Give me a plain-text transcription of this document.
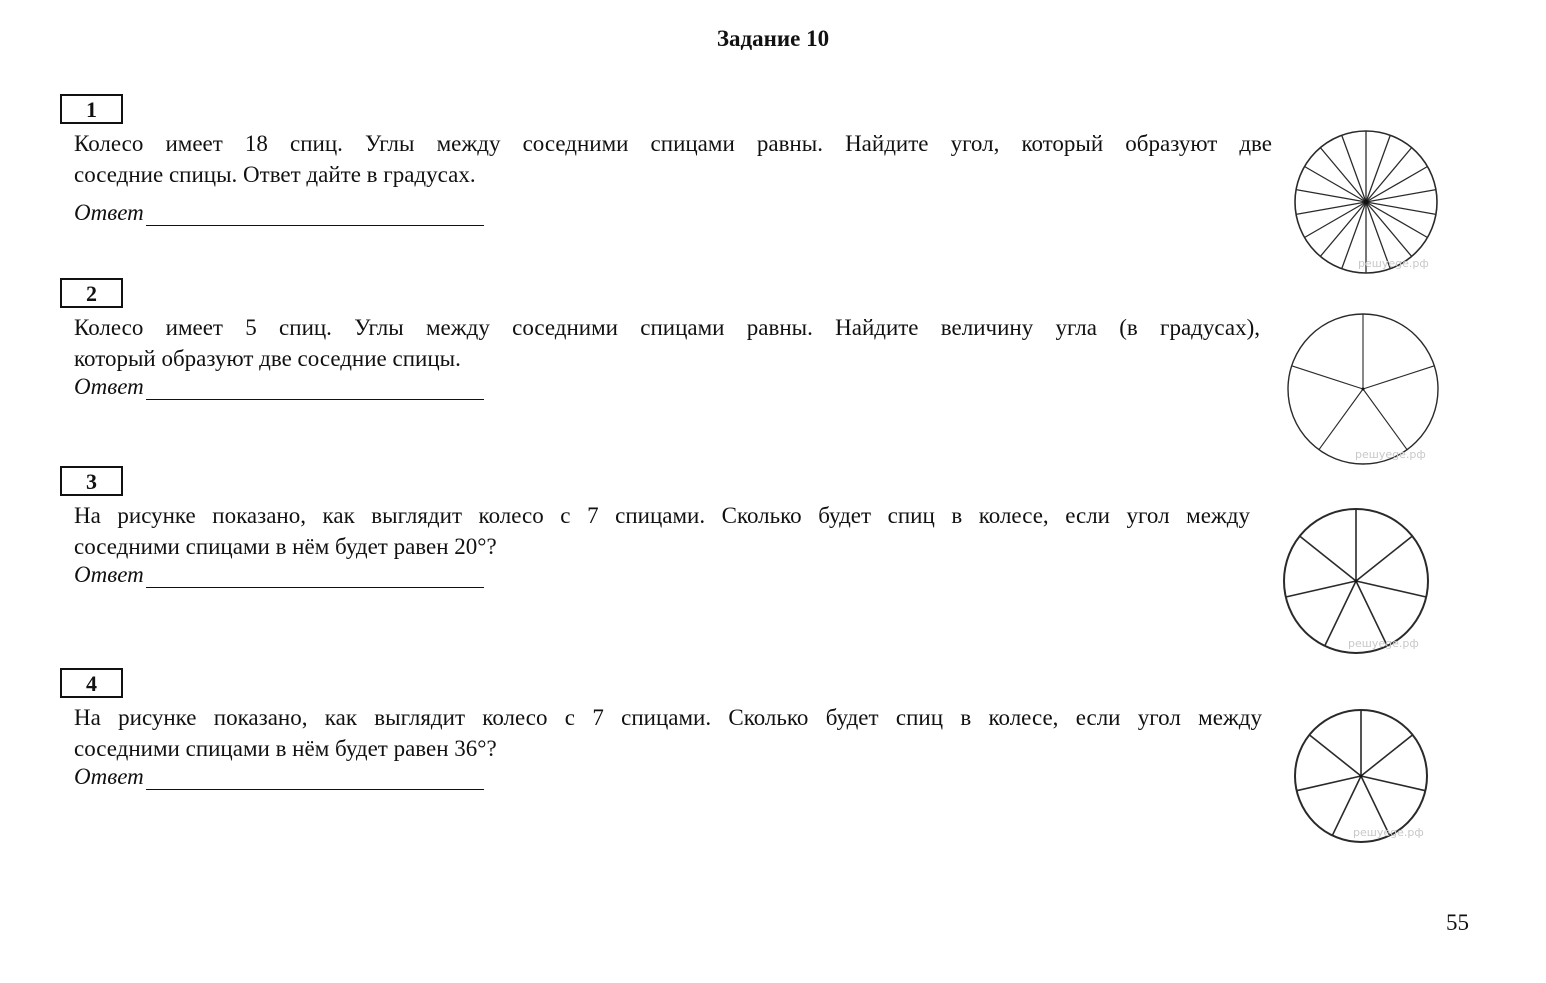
Задание 10
1
Колесо имеет 18 спиц. Углы между соседними спицами равны. Найдите угол, который образуют две
соседние спицы. Ответ дайте в градусах.
Ответ
2
Колесо имеет 5 спиц. Углы между соседними спицами равны. Найдите величину угла (в градусах),
который образуют две соседние спицы.
Ответ
3
На рисунке показано, как выглядит колесо с 7 спицами. Сколько будет спиц в колесе, если угол между
соседними спицами в нём будет равен 20°?
Ответ
4
На рисунке показано, как выглядит колесо с 7 спицами. Сколько будет спиц в колесе, если угол между
соседними спицами в нём будет равен 36°?
Ответ
решуege.рф
решуege.рф
решуege.рф
решуege.рф
55
